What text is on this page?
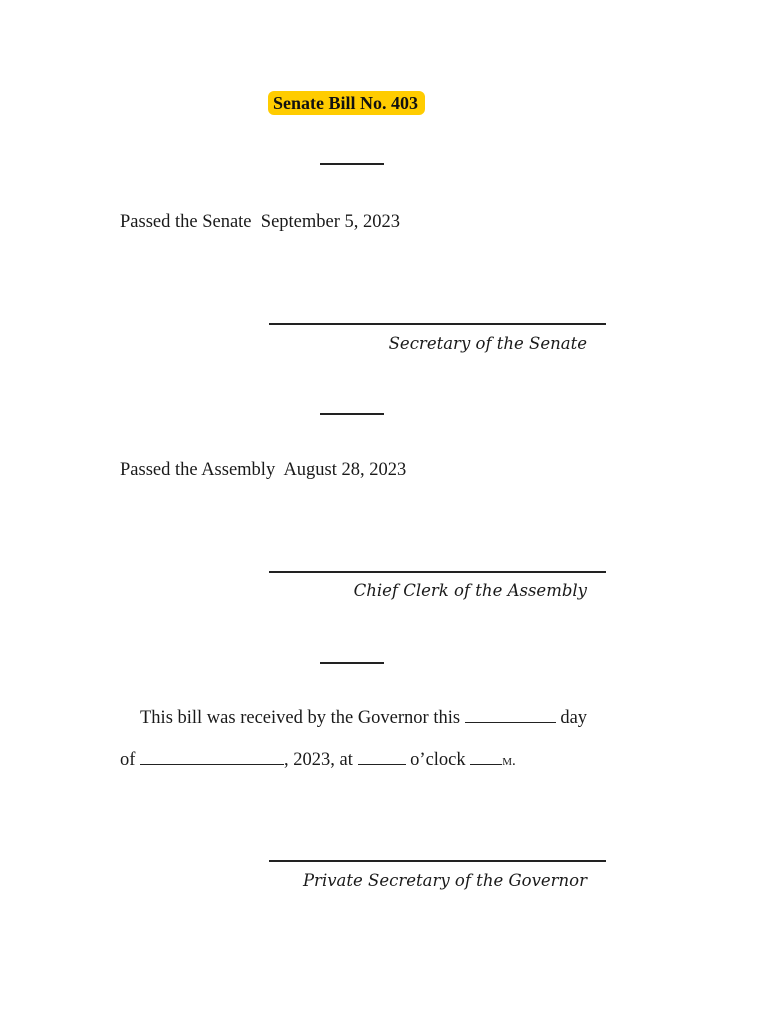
Senate Bill No. 403
Passed the Senate September 5, 2023
Secretary of the Senate
Passed the Assembly August 28, 2023
Chief Clerk of the Assembly
This bill was received by the Governor this	day
of	, 2023, at	o’clock m.
Private Secretary of the Governor
